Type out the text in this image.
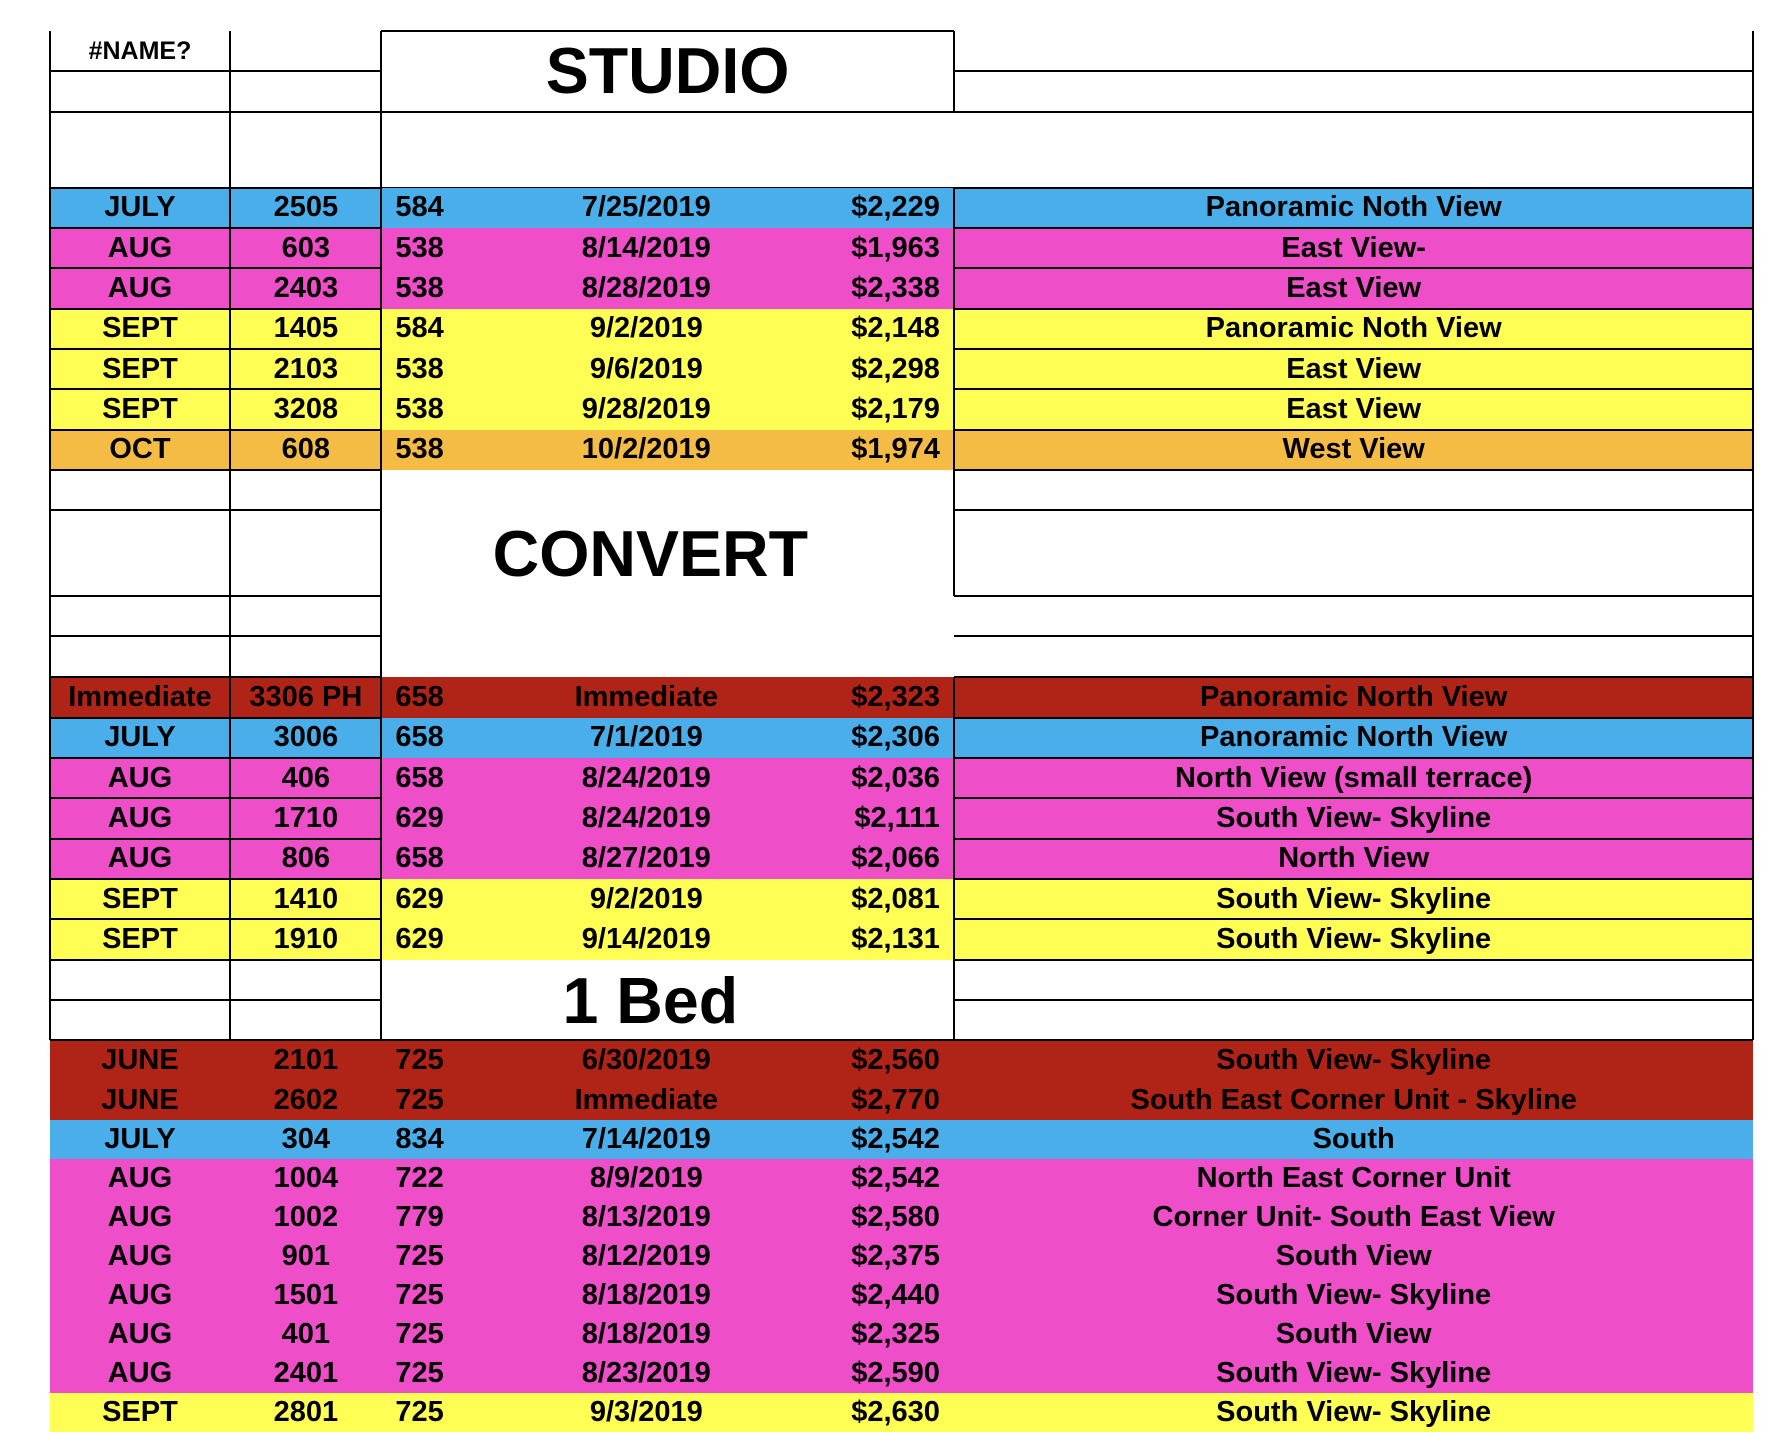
#NAME?	STUDIO
JULY	2505	584	7/25/2019	$2,229	Panoramic Noth View
AUG	603	538	8/14/2019	$1,963	East View-
AUG	2403	538	8/28/2019	$2,338	East View
SEPT	1405	584	9/2/2019	$2,148	Panoramic Noth View
SEPT	2103	538	9/6/2019	$2,298	East View
SEPT	3208	538	9/28/2019	$2,179	East View
OCT	608	538	10/2/2019	$1,974	West View
CONVERT
Immediate	3306 PH	658	Immediate	$2,323	Panoramic North View
JULY	3006	658	7/1/2019	$2,306	Panoramic North View
AUG	406	658	8/24/2019	$2,036	North View (small terrace)
AUG	1710	629	8/24/2019	$2,111	South View- Skyline
AUG	806	658	8/27/2019	$2,066	North View
SEPT	1410	629	9/2/2019	$2,081	South View- Skyline
SEPT	1910	629	9/14/2019	$2,131	South View- Skyline
1 Bed
JUNE	2101	725	6/30/2019	$2,560	South View- Skyline
JUNE	2602	725	Immediate	$2,770	South East Corner Unit - Skyline
JULY	304	834	7/14/2019	$2,542	South
AUG	1004	722	8/9/2019	$2,542	North East Corner Unit
AUG	1002	779	8/13/2019	$2,580	Corner Unit- South East View
AUG	901	725	8/12/2019	$2,375	South View
AUG	1501	725	8/18/2019	$2,440	South View- Skyline
AUG	401	725	8/18/2019	$2,325	South View
AUG	2401	725	8/23/2019	$2,590	South View- Skyline
SEPT	2801	725	9/3/2019	$2,630	South View- Skyline
